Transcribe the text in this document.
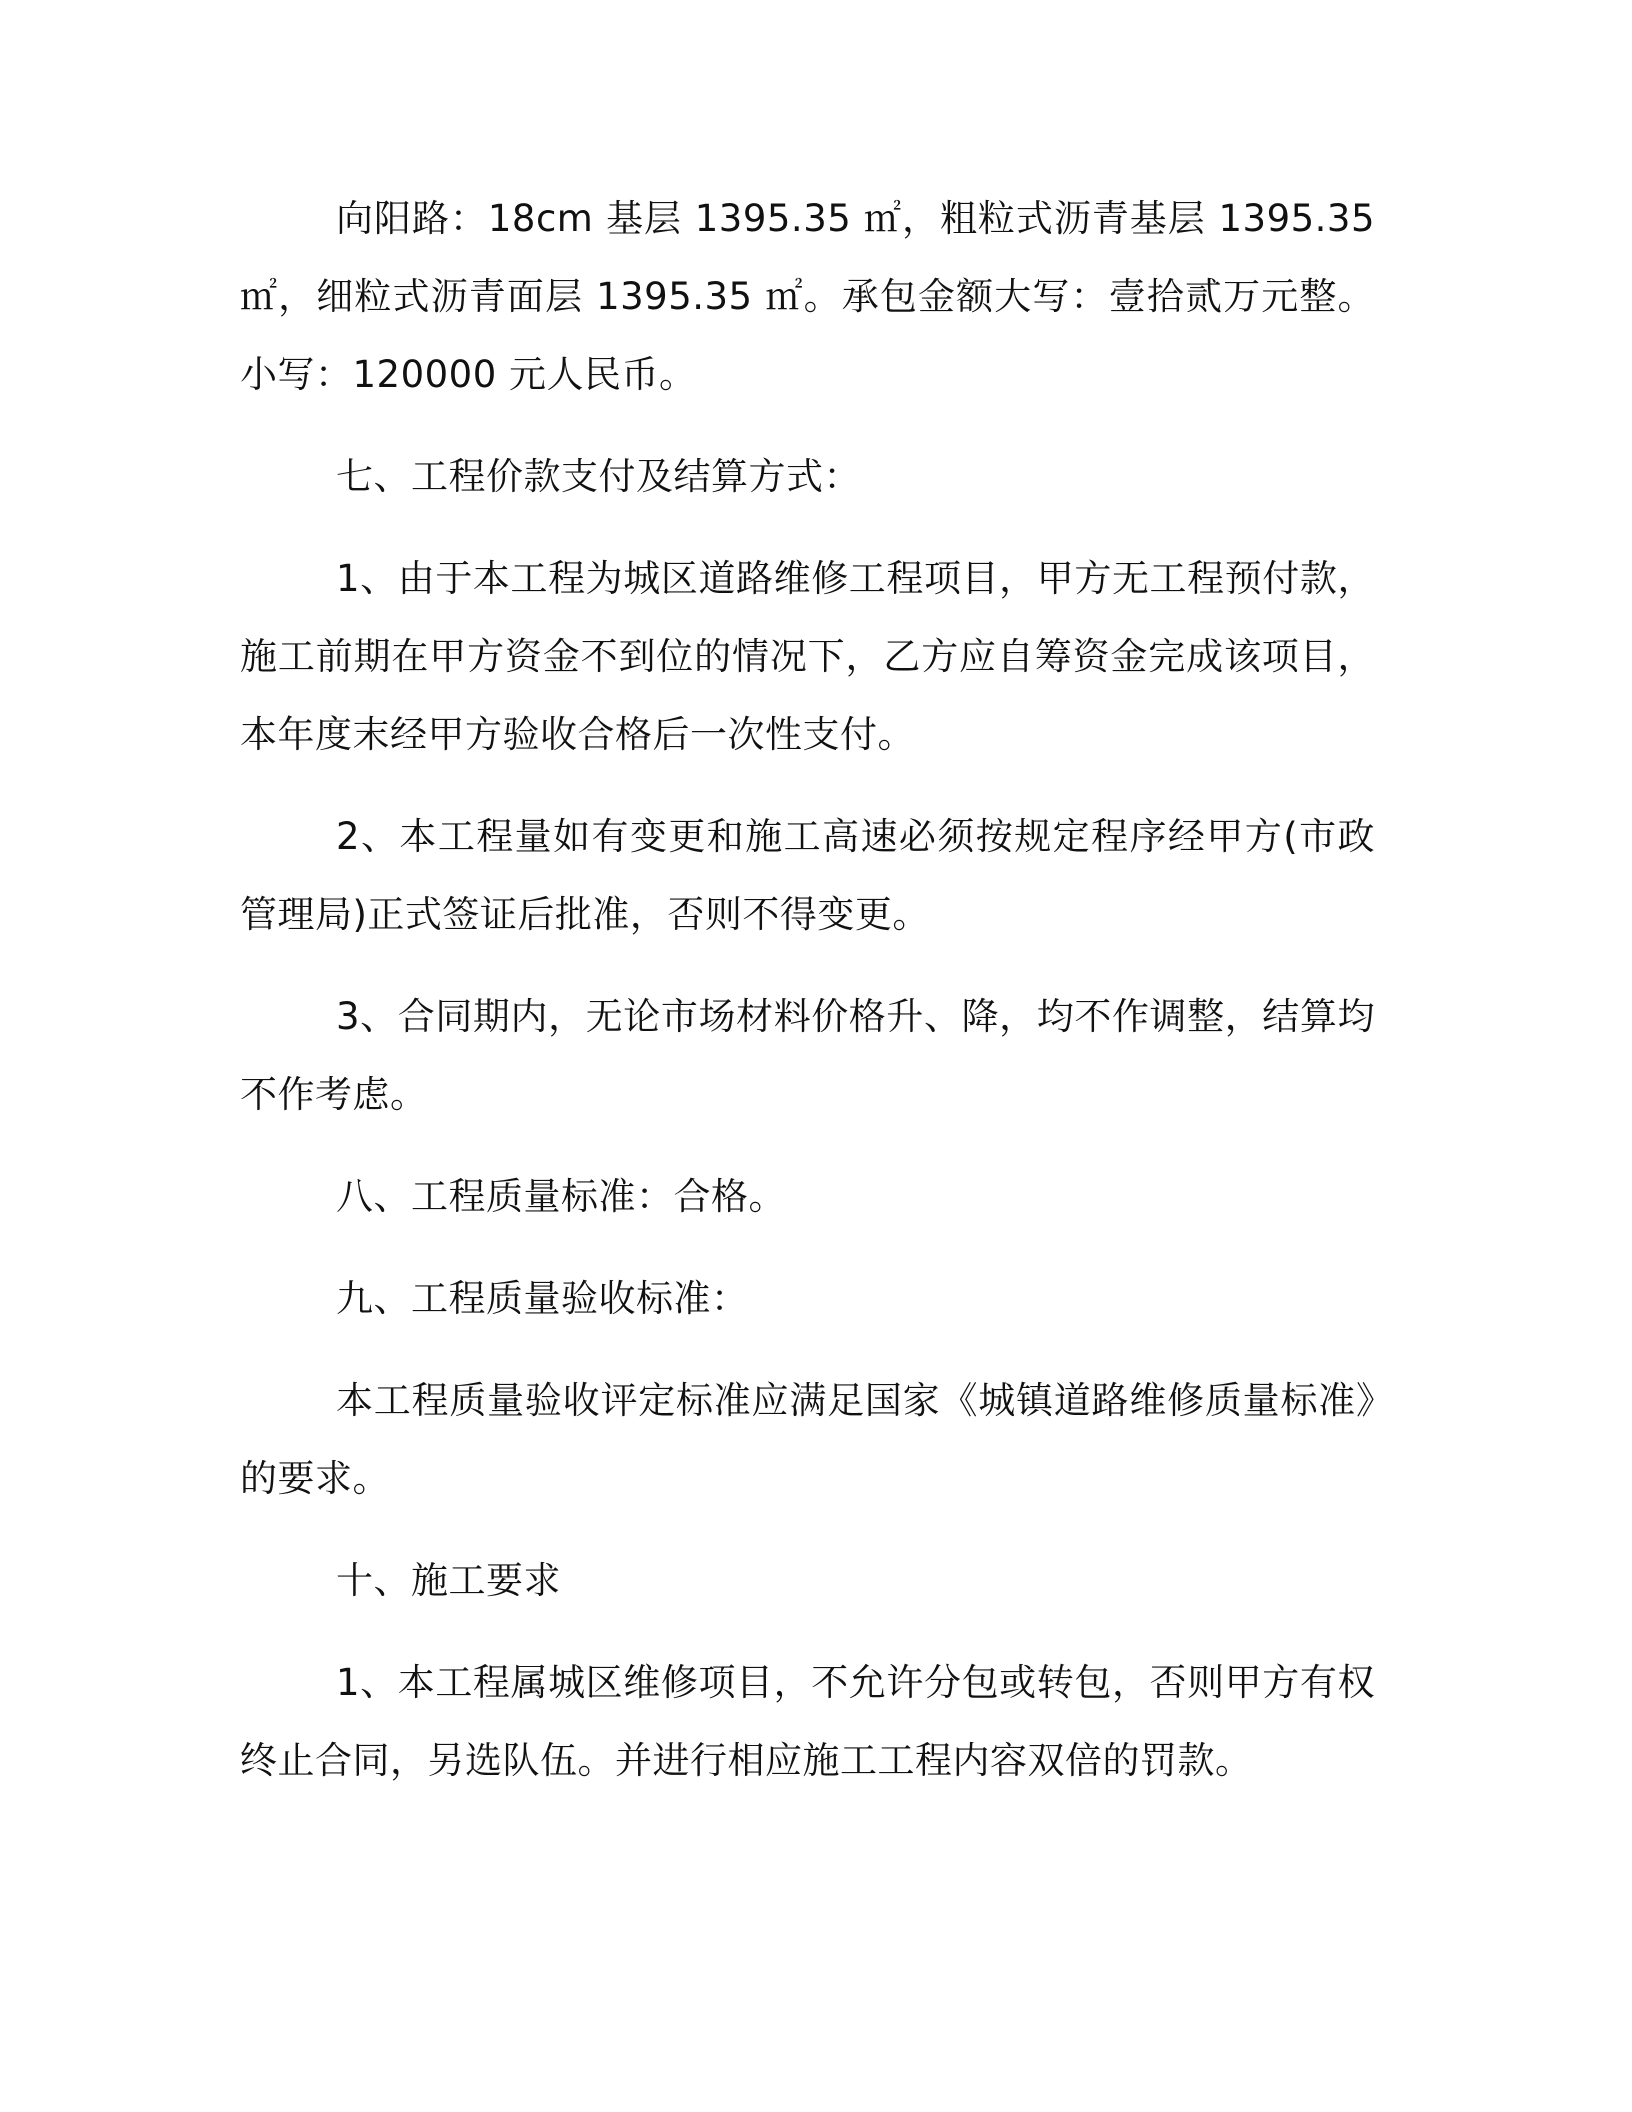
向阳路：18cm 基层 1395.35 ㎡，粗粒式沥青基层 1395.35 ㎡，细粒式沥青面层 1395.35 ㎡。承包金额大写：壹拾贰万元整。小写：120000 元人民币。

七、工程价款支付及结算方式：

1、由于本工程为城区道路维修工程项目，甲方无工程预付款，施工前期在甲方资金不到位的情况下，乙方应自筹资金完成该项目，本年度末经甲方验收合格后一次性支付。

2、本工程量如有变更和施工高速必须按规定程序经甲方(市政管理局)正式签证后批准，否则不得变更。

3、合同期内，无论市场材料价格升、降，均不作调整，结算均不作考虑。

八、工程质量标准：合格。

九、工程质量验收标准：

本工程质量验收评定标准应满足国家《城镇道路维修质量标准》的要求。

十、施工要求

1、本工程属城区维修项目，不允许分包或转包，否则甲方有权终止合同，另选队伍。并进行相应施工工程内容双倍的罚款。
